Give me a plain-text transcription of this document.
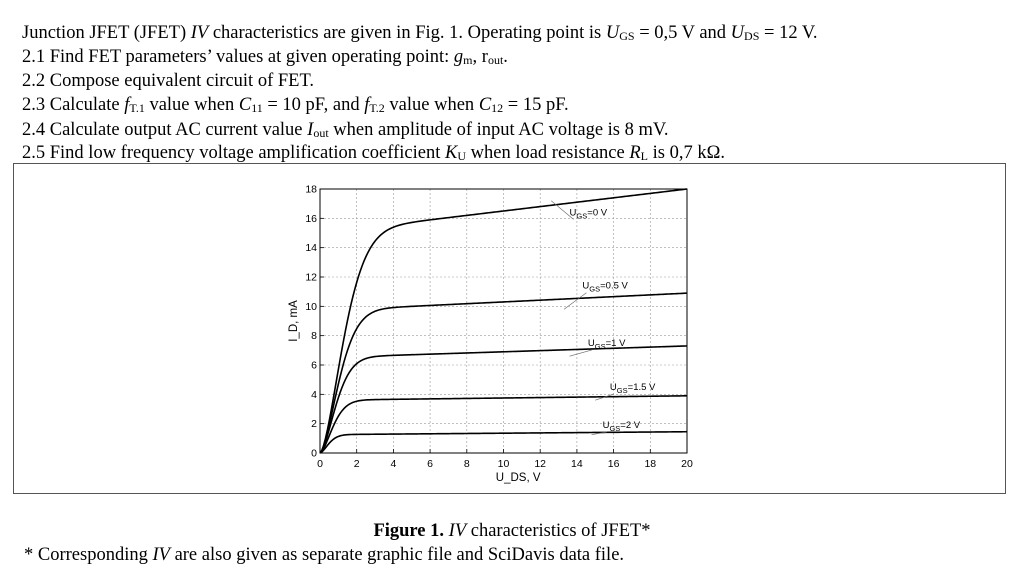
Junction JFET (JFET) IV characteristics are given in Fig. 1. Operating point is $U_{GS} = 0,5$ V and $U_{DS} = 12$ V.
2.1 Find FET parameters’ values at given operating point: $g_m$, $r_{out}$.
2.2 Compose equivalent circuit of FET.
2.3 Calculate $f_{T.1}$ value when $C_{11} = 10$ pF, and $f_{T.2}$ value when $C_{12} = 15$ pF.
2.4 Calculate output AC current value $I_{out}$ when amplitude of input AC voltage is 8 mV.
2.5 Find low frequency voltage amplification coefficient $K_U$ when load resistance $R_L$ is 0,7 kΩ.
0	2	4	6	8	10 12 14 16 18 20
0
2
4
6
8
10
12
14
16
18
$U_{GS}=0$ V
$U_{GS}=0.5$ V
$U_{GS}=1$ V
$U_{GS}=1.5$ V
$U_{GS}=2$ V
U_DS, V
I_D, mA
Figure 1. IV characteristics of JFET*
* Corresponding IV are also given as separate graphic file and SciDavis data file.
